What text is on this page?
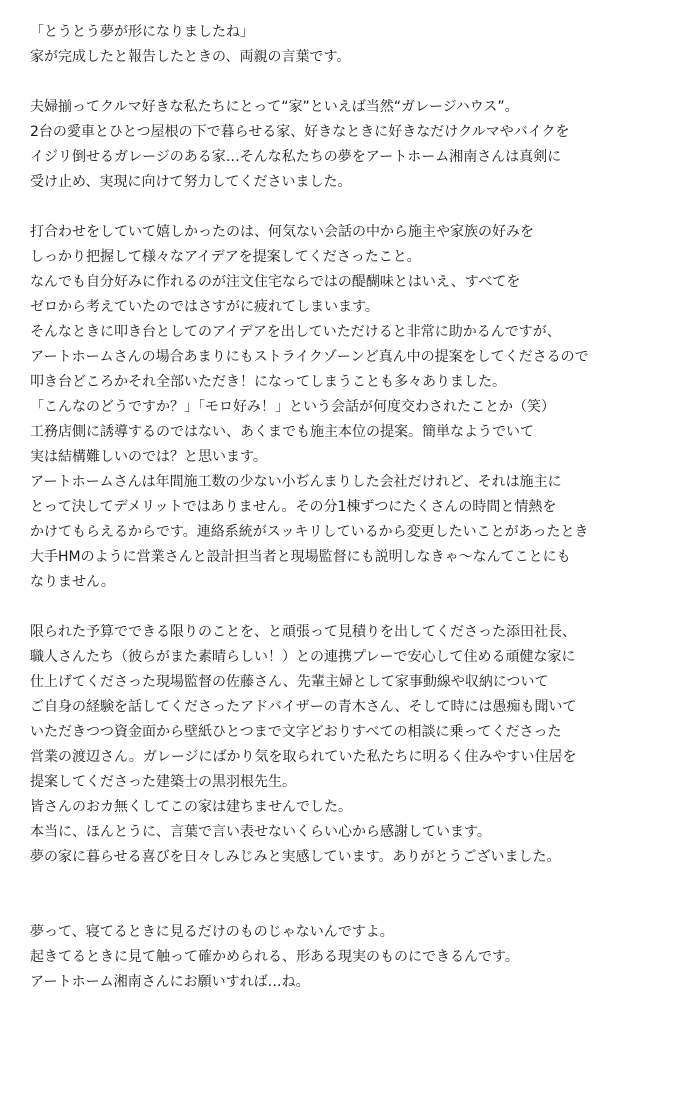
「とうとう夢が形になりましたね」
家が完成したと報告したときの、両親の言葉です。
夫婦揃ってクルマ好きな私たちにとって“家”といえば当然“ガレージハウス”。
2台の愛車とひとつ屋根の下で暮らせる家、好きなときに好きなだけクルマやバイクを
イジリ倒せるガレージのある家…そんな私たちの夢をアートホーム湘南さんは真剣に
受け止め、実現に向けて努力してくださいました。
打合わせをしていて嬉しかったのは、何気ない会話の中から施主や家族の好みを
しっかり把握して様々なアイデアを提案してくださったこと。
なんでも自分好みに作れるのが注文住宅ならではの醍醐味とはいえ、すべてを
ゼロから考えていたのではさすがに疲れてしまいます。
そんなときに叩き台としてのアイデアを出していただけると非常に助かるんですが、
アートホームさんの場合あまりにもストライクゾーンど真ん中の提案をしてくださるので
叩き台どころかそれ全部いただき！になってしまうことも多々ありました。
「こんなのどうですか？」「モロ好み！」という会話が何度交わされたことか（笑）
工務店側に誘導するのではない、あくまでも施主本位の提案。簡単なようでいて
実は結構難しいのでは？と思います。
アートホームさんは年間施工数の少ない小ぢんまりした会社だけれど、それは施主に
とって決してデメリットではありません。その分1棟ずつにたくさんの時間と情熱を
かけてもらえるからです。連絡系統がスッキリしているから変更したいことがあったとき
大手HMのように営業さんと設計担当者と現場監督にも説明しなきゃ～なんてことにも
なりません。
限られた予算でできる限りのことを、と頑張って見積りを出してくださった添田社長、
職人さんたち（彼らがまた素晴らしい！）との連携プレーで安心して住める頑健な家に
仕上げてくださった現場監督の佐藤さん、先輩主婦として家事動線や収納について
ご自身の経験を話してくださったアドバイザーの青木さん、そして時には愚痴も聞いて
いただきつつ資金面から壁紙ひとつまで文字どおりすべての相談に乗ってくださった
営業の渡辺さん。ガレージにばかり気を取られていた私たちに明るく住みやすい住居を
提案してくださった建築士の黒羽根先生。
皆さんのおカ無くしてこの家は建ちませんでした。
本当に、ほんとうに、言葉で言い表せないくらい心から感謝しています。
夢の家に暮らせる喜びを日々しみじみと実感しています。ありがとうございました。
夢って、寝てるときに見るだけのものじゃないんですよ。
起きてるときに見て触って確かめられる、形ある現実のものにできるんです。
アートホーム湘南さんにお願いすれば…ね。
